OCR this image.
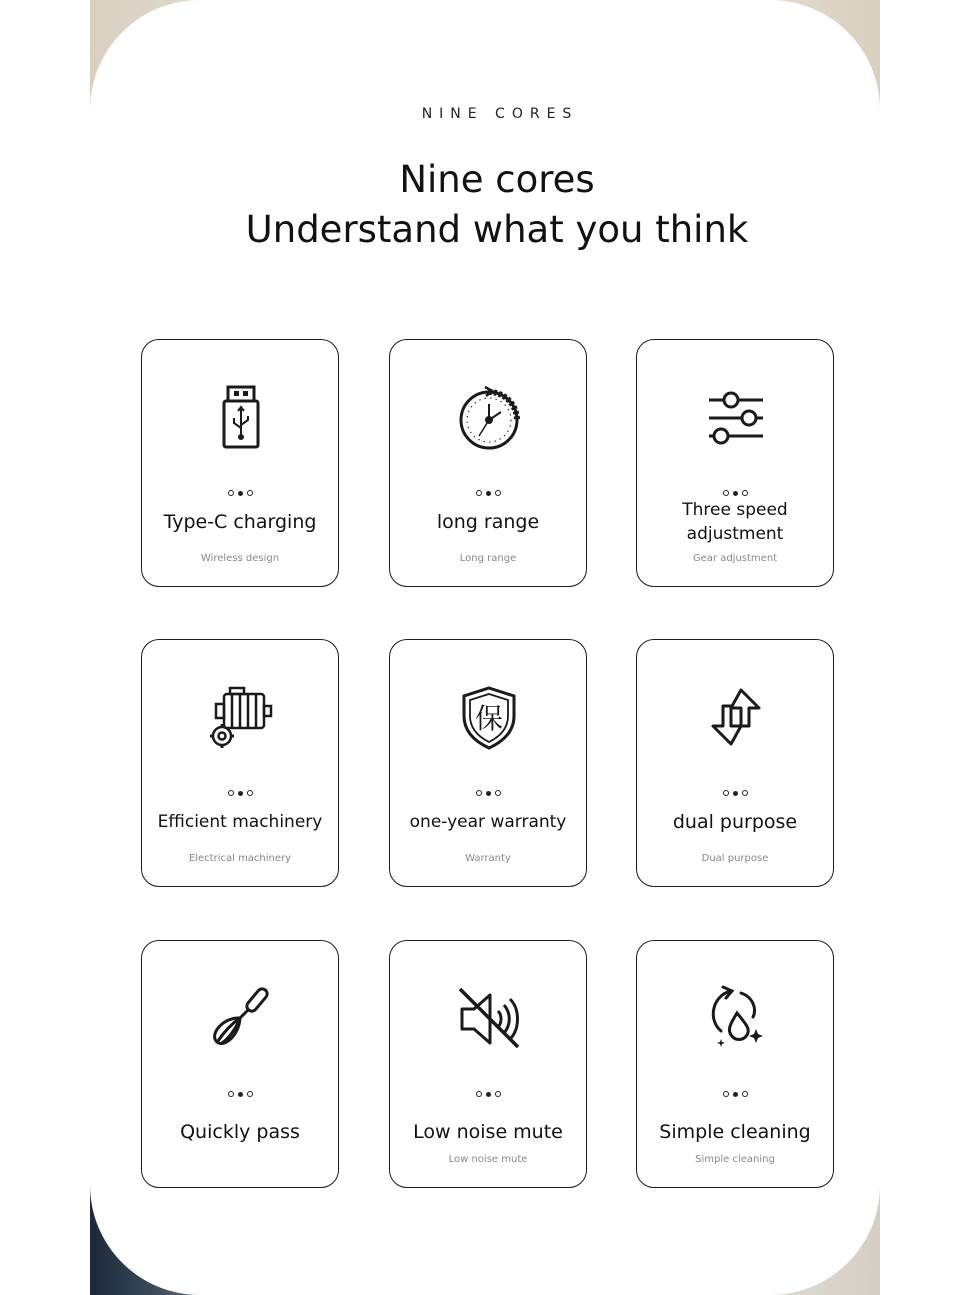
NINE CORES
Nine cores
Understand what you think
Type-C charging
Wireless design
long range
Long range
Three speed adjustment
Gear adjustment
Efficient machinery
Electrical machinery
保
one-year warranty
Warranty
dual purpose
Dual purpose
Quickly pass	Low noise mute
Low noise mute
Simple cleaning
Simple cleaning
